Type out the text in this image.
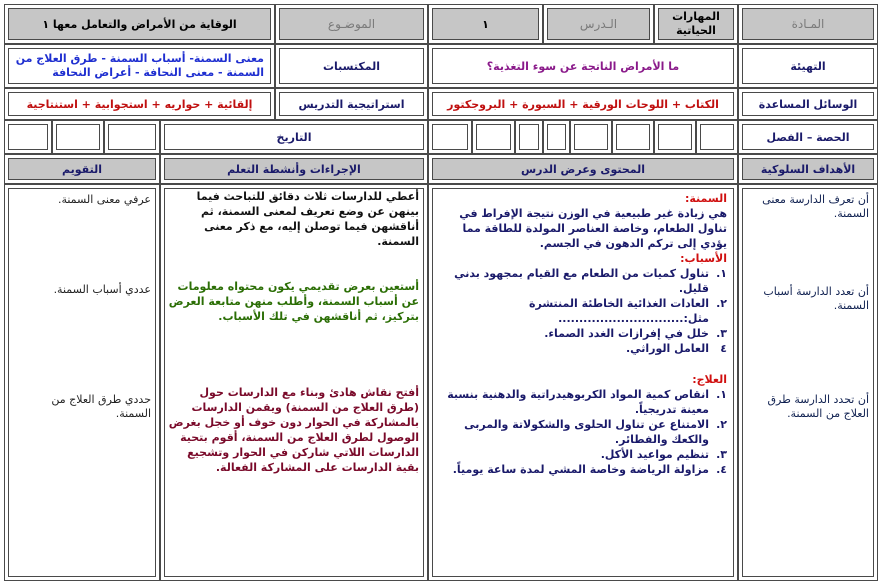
المـادة
المهارات الحياتية
الـدرس
١
الموضـوع
الوقاية من الأمراض والتعامل معها ١
التهيئة
ما الأمراض الناتجة عن سوء التغذية؟
المكتسبات
معنى السمنة- أسباب السمنة - طرق العلاج من السمنة - معنى النحافة - أعراض النحافة
الوسائل المساعدة
الكتاب + اللوحات الورقية + السبورة + البروجكتور
استراتيجية التدريس
إلقائية + حواريه + استجوابية + استنتاجية
الحصة – الفصل
التاريخ
الأهداف السلوكية
المحتوى وعرض الدرس
الإجراءات وأنشطة التعلم
التقويم
أن تعرف الدارسة معنى السمنة.
أن تعدد الدارسة أسباب السمنة.
أن تحدد الدارسة طرق العلاج من السمنة.
السمنة:
هي زيادة غير طبيعية في الوزن نتيجة الإفراط في تناول الطعام، وخاصة العناصر المولدة للطاقة مما يؤدي إلى تركم الدهون في الجسم.
الأسباب:
١.
تناول كميات من الطعام مع القيام بمجهود بدني قليل.
٢.
العادات الغذائية الخاطئة المنتشرة
مثل:..............................
٣.
خلل في إفرازات الغدد الصماء.
٤
العامل الوراثي.
العلاج:
١.
انقاص كمية المواد الكربوهيدراتية والدهنية بنسبة معينة تدريجياً.
٢.
الامتناع عن تناول الحلوى والشكولاتة والمربى والكعك والفطائر.
٣.
تنظيم مواعيد الأكل.
٤.
مزاولة الرياضة وخاصة المشي لمدة ساعة يومياً.
أعطي للدارسات ثلاث دقائق للتباحث فيما بينهن عن وضع تعريف لمعنى السمنة، ثم أناقشهن فيما توصلن إليه، مع ذكر معنى السمنة.
أستعين بعرض تقديمي يكون محتواه معلومات عن أسباب السمنة، وأطلب منهن متابعة العرض بتركيز، ثم أناقشهن في تلك الأسباب.
أفتح نقاش هادئ وبناء مع الدارسات حول (طرق العلاج من السمنة) ويقمن الدارسات بالمشاركة في الحوار دون خوف أو خجل بغرض الوصول لطرق العلاج من السمنة، أقوم بتحية الدارسات اللاتي شاركن في الحوار وتشجيع بقية الدارسات على المشاركة الفعالة.
عرفي معنى السمنة.
عددي أسباب السمنة.
حددي طرق العلاج من السمنة.
